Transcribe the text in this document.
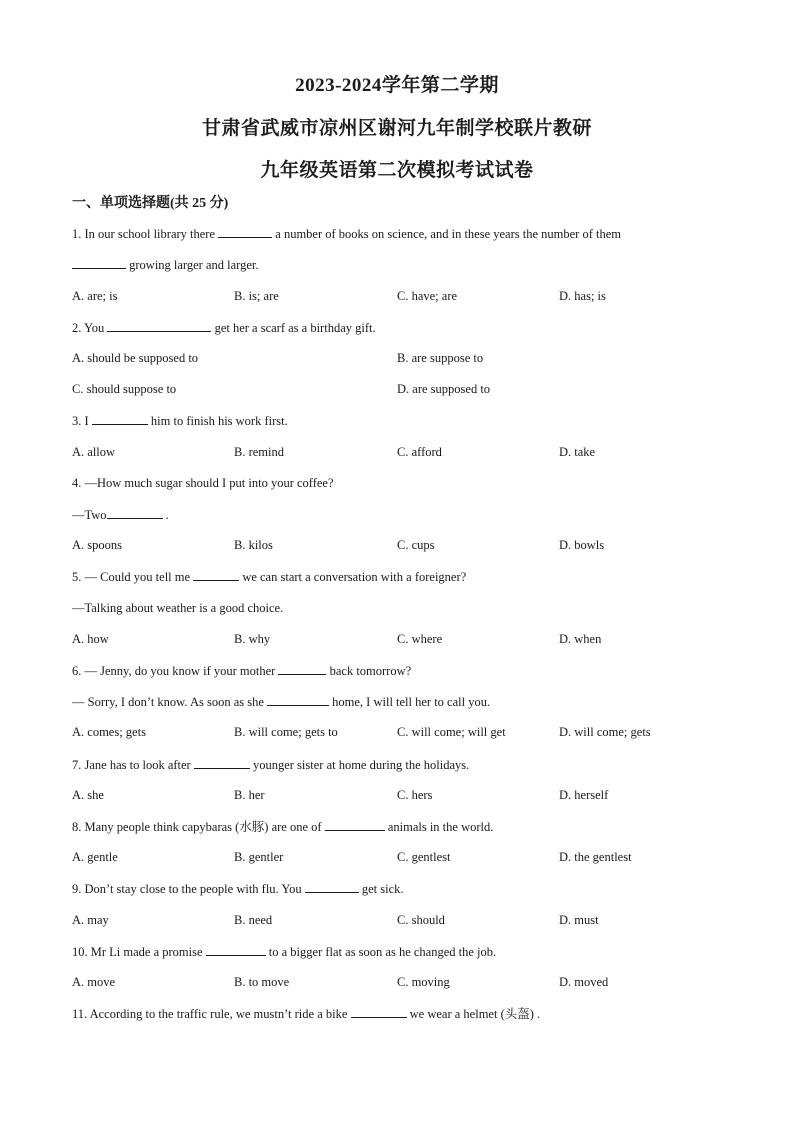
2023-2024学年第二学期
甘肃省武威市凉州区谢河九年制学校联片教研
九年级英语第二次模拟考试试卷
一、单项选择题(共 25 分)
1. In our school library there	a number of books on science, and in these years the number of them
growing larger and larger.
A. are; is	B. is; are	C. have; are	D. has; is
2. You	get her a scarf as a birthday gift.
A. should be supposed to	B. are suppose to
C. should suppose to	D. are supposed to
3. I	him to finish his work first.
A. allow	B. remind	C. afford	D. take
4. —How much sugar should I put into your coffee?
—Two	.
A. spoons	B. kilos	C. cups	D. bowls
5. — Could you tell me	we can start a conversation with a foreigner?
—Talking about weather is a good choice.
A. how	B. why	C. where	D. when
6. — Jenny, do you know if your mother	back tomorrow?
— Sorry, I don’t know. As soon as she	home, I will tell her to call you.
A. comes; gets	B. will come; gets to	C. will come; will get	D. will come; gets
7. Jane has to look after	younger sister at home during the holidays.
A. she	B. her	C. hers	D. herself
8. Many people think capybaras (水豚) are one of	animals in the world.
A. gentle	B. gentler	C. gentlest	D. the gentlest
9. Don’t stay close to the people with flu. You	get sick.
A. may	B. need	C. should	D. must
10. Mr Li made a promise	to a bigger flat as soon as he changed the job.
A. move	B. to move	C. moving	D. moved
11. According to the traffic rule, we mustn’t ride a bike	we wear a helmet (头盔) .
